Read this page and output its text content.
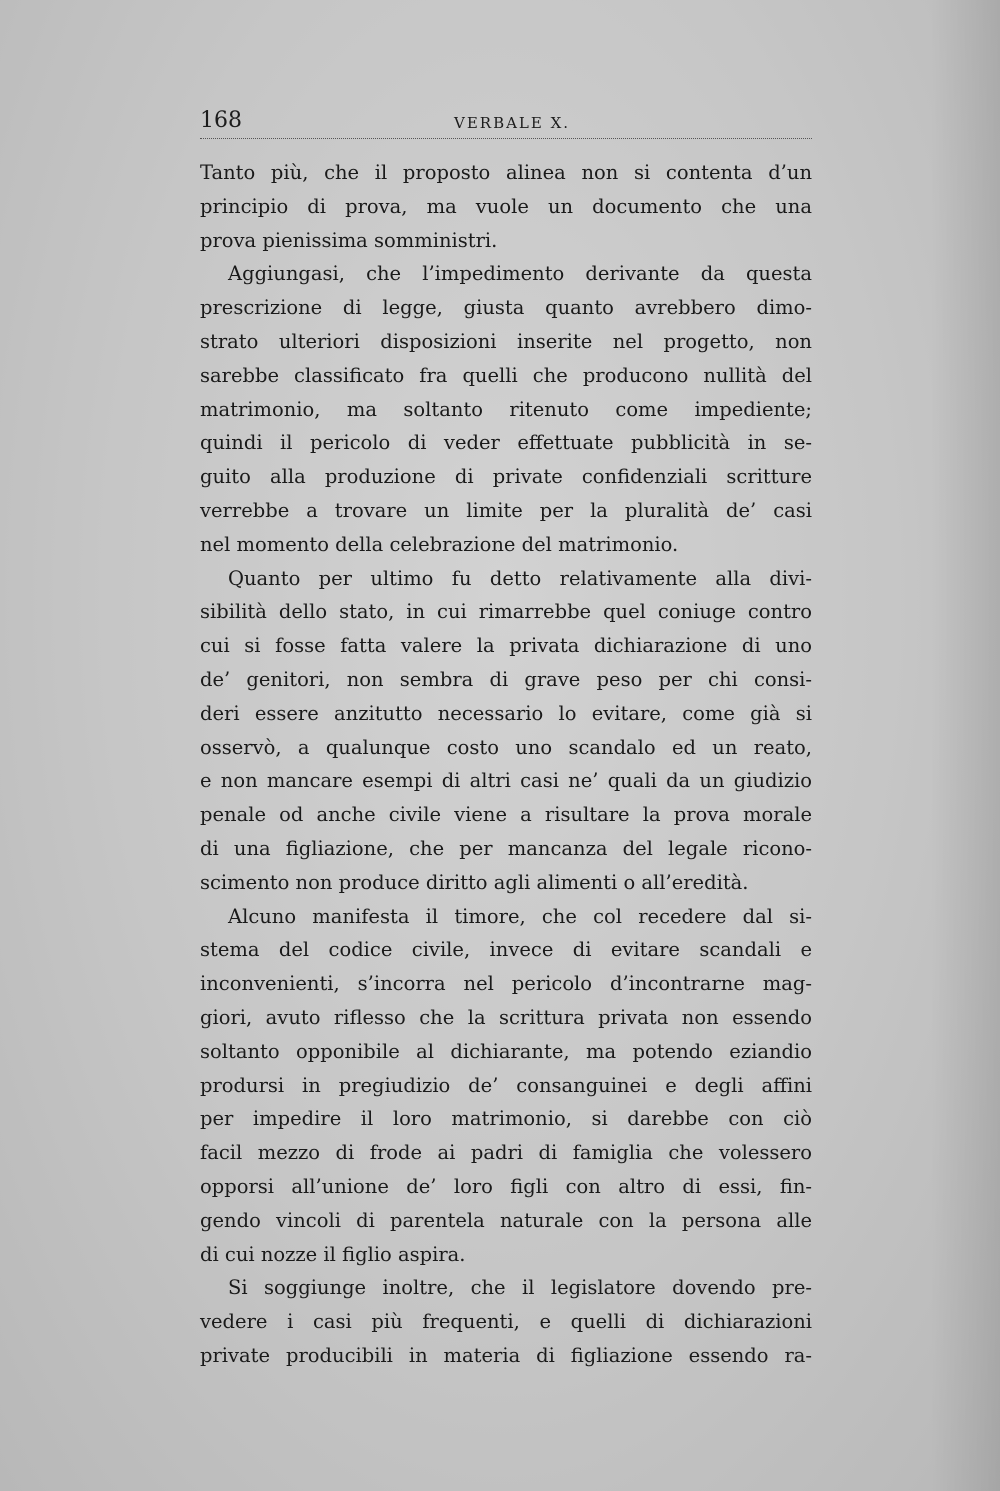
168	VERBALE X.
Tanto più, che il proposto alinea non si contenta d’un
principio di prova, ma vuole un documento che una
prova pienissima somministri.
Aggiungasi, che l’impedimento derivante da questa
prescrizione di legge, giusta quanto avrebbero dimo-
strato ulteriori disposizioni inserite nel progetto, non
sarebbe classificato fra quelli che producono nullità del
matrimonio, ma soltanto ritenuto come impediente;
quindi il pericolo di veder effettuate pubblicità in se-
guito alla produzione di private confidenziali scritture
verrebbe a trovare un limite per la pluralità de’ casi
nel momento della celebrazione del matrimonio.
Quanto per ultimo fu detto relativamente alla divi-
sibilità dello stato, in cui rimarrebbe quel coniuge contro
cui si fosse fatta valere la privata dichiarazione di uno
de’ genitori, non sembra di grave peso per chi consi-
deri essere anzitutto necessario lo evitare, come già si
osservò, a qualunque costo uno scandalo ed un reato,
e non mancare esempi di altri casi ne’ quali da un giudizio
penale od anche civile viene a risultare la prova morale
di una figliazione, che per mancanza del legale ricono-
scimento non produce diritto agli alimenti o all’eredità.
Alcuno manifesta il timore, che col recedere dal si-
stema del codice civile, invece di evitare scandali e
inconvenienti, s’incorra nel pericolo d’incontrarne mag-
giori, avuto riflesso che la scrittura privata non essendo
soltanto opponibile al dichiarante, ma potendo eziandio
prodursi in pregiudizio de’ consanguinei e degli affini
per impedire il loro matrimonio, si darebbe con ciò
facil mezzo di frode ai padri di famiglia che volessero
opporsi all’unione de’ loro figli con altro di essi, fin-
gendo vincoli di parentela naturale con la persona alle
di cui nozze il figlio aspira.
Si soggiunge inoltre, che il legislatore dovendo pre-
vedere i casi più frequenti, e quelli di dichiarazioni
private producibili in materia di figliazione essendo ra-
